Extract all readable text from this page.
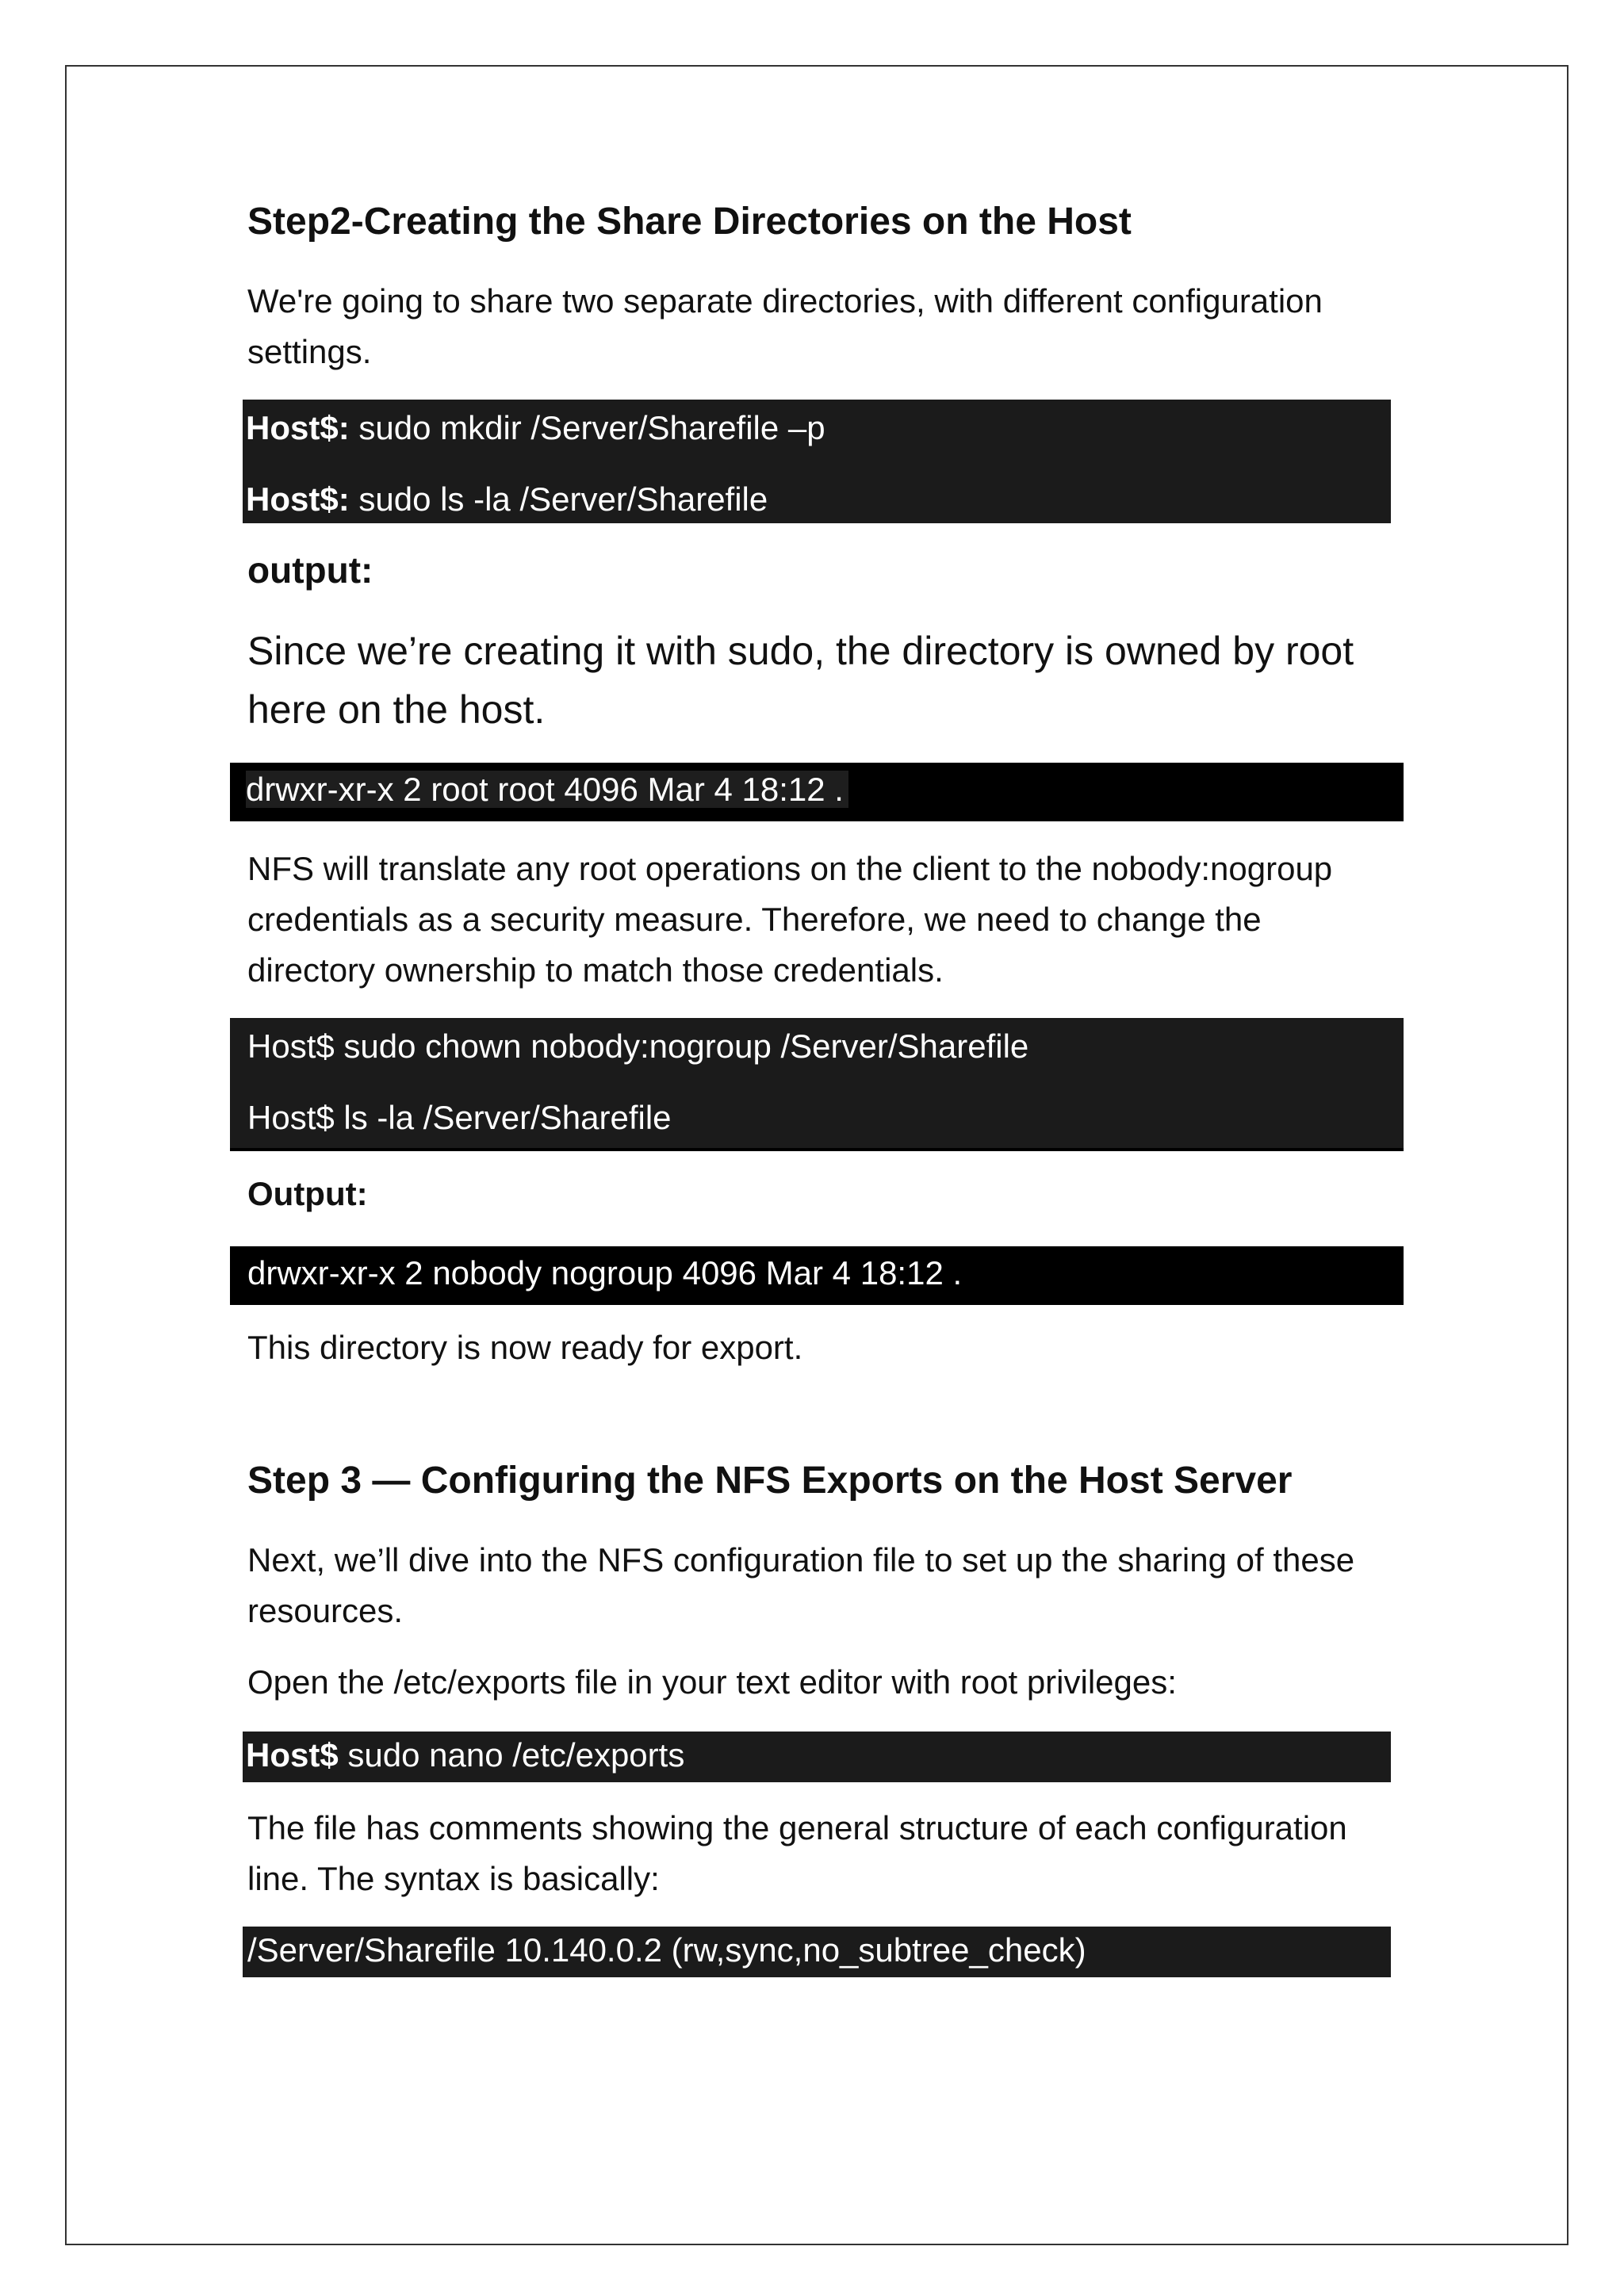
Step2-Creating the Share Directories on the Host
We're going to share two separate directories, with different configuration settings.
Host$: sudo mkdir /Server/Sharefile –p
Host$: sudo ls -la /Server/Sharefile
output:
Since we’re creating it with sudo, the directory is owned by root here on the host.
drwxr-xr-x 2 root root 4096 Mar 4 18:12 .
NFS will translate any root operations on the client to the nobody:nogroup credentials as a security measure. Therefore, we need to change the directory ownership to match those credentials.
Host$ sudo chown nobody:nogroup /Server/Sharefile
Host$ ls -la /Server/Sharefile
Output:
drwxr-xr-x 2 nobody nogroup 4096 Mar 4 18:12 .
This directory is now ready for export.
Step 3 — Configuring the NFS Exports on the Host Server
Next, we’ll dive into the NFS configuration file to set up the sharing of these resources.
Open the /etc/exports file in your text editor with root privileges:
Host$ sudo nano /etc/exports
The file has comments showing the general structure of each configuration line. The syntax is basically:
/Server/Sharefile 10.140.0.2 (rw,sync,no_subtree_check)
